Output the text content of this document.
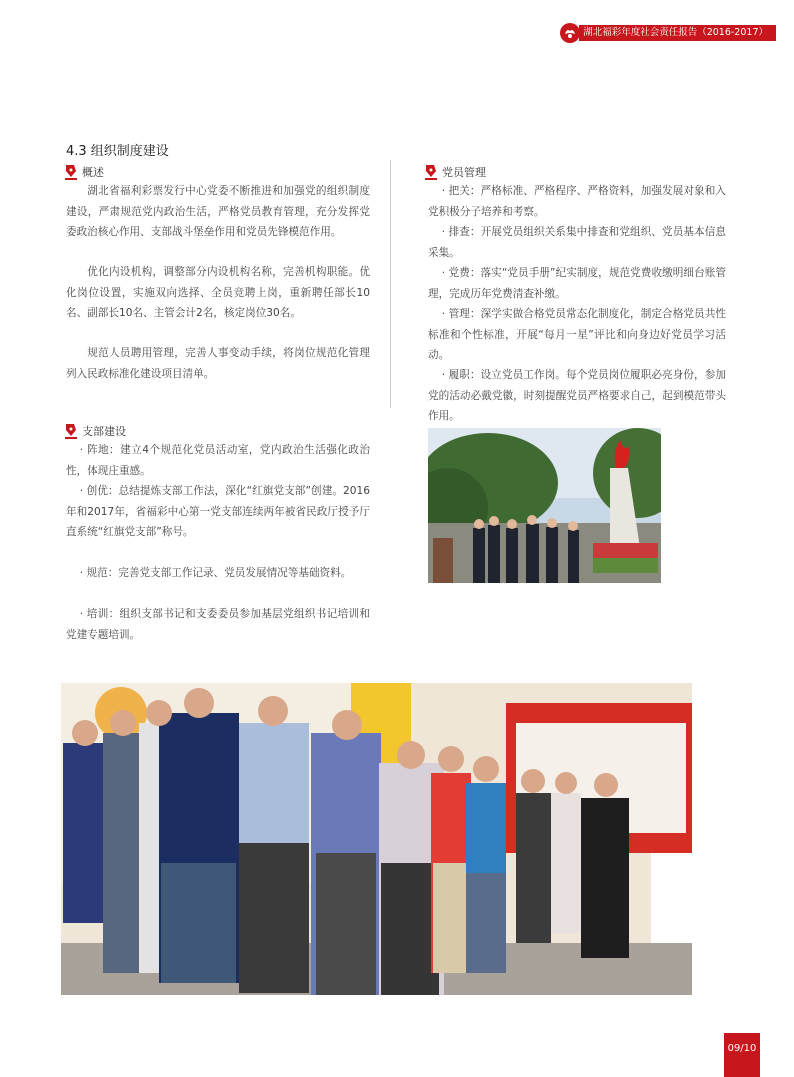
湖北福彩年度社会责任报告（2016-2017）
4.3 组织制度建设
概述

湖北省福利彩票发行中心党委不断推进和加强党的组织制度建设，严肃规范党内政治生活，严格党员教育管理，充分发挥党委政治核心作用、支部战斗堡垒作用和党员先锋模范作用。

优化内设机构，调整部分内设机构名称，完善机构职能。优化岗位设置，实施双向选择、全员竞聘上岗，重新聘任部长10名、副部长10名、主管会计2名，核定岗位30名。

规范人员聘用管理，完善人事变动手续，将岗位规范化管理列入民政标准化建设项目清单。

支部建设

· 阵地：建立4个规范化党员活动室，党内政治生活强化政治性，体现庄重感。

· 创优：总结提炼支部工作法，深化“红旗党支部”创建。2016年和2017年，省福彩中心第一党支部连续两年被省民政厅授予厅直系统“红旗党支部”称号。

· 规范：完善党支部工作记录、党员发展情况等基础资料。

· 培训：组织支部书记和支委委员参加基层党组织书记培训和党建专题培训。

党员管理

· 把关：严格标准、严格程序、严格资料，加强发展对象和入党积极分子培养和考察。

· 排查：开展党员组织关系集中排查和党组织、党员基本信息采集。

· 党费：落实“党员手册”纪实制度，规范党费收缴明细台账管理，完成历年党费清查补缴。

· 管理：深学实做合格党员常态化制度化，制定合格党员共性标准和个性标准，开展“每月一星”评比和向身边好党员学习活动。

· 履职：设立党员工作岗。每个党员岗位履职必亮身份，参加党的活动必戴党徽，时刻提醒党员严格要求自己，起到模范带头作用。

09/10
